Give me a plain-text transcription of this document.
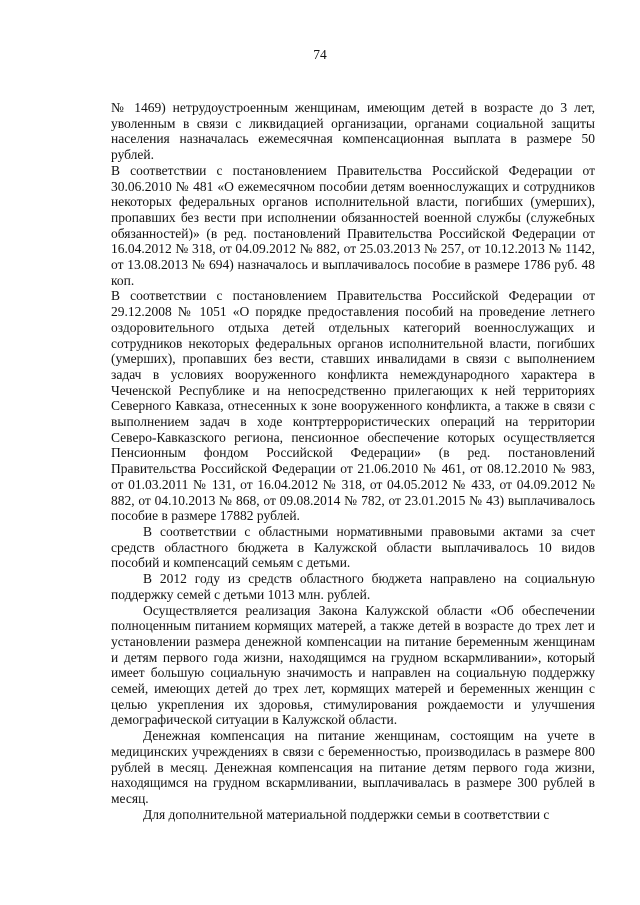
74

№ 1469) нетрудоустроенным женщинам, имеющим детей в возрасте до 3 лет, уволенным в связи с ликвидацией организации, органами социальной защиты населения назначалась ежемесячная компенсационная выплата в размере 50 рублей.

В соответствии с постановлением Правительства Российской Федерации от 30.06.2010 № 481 «О ежемесячном пособии детям военнослужащих и сотрудников некоторых федеральных органов исполнительной власти, погибших (умерших), пропавших без вести при исполнении обязанностей военной службы (служебных обязанностей)» (в ред. постановлений Правительства Российской Федерации от 16.04.2012 № 318, от 04.09.2012 № 882, от 25.03.2013 № 257, от 10.12.2013 № 1142, от 13.08.2013 № 694) назначалось и выплачивалось пособие в размере 1786 руб. 48 коп.

В соответствии с постановлением Правительства Российской Федерации от 29.12.2008 № 1051 «О порядке предоставления пособий на проведение летнего оздоровительного отдыха детей отдельных категорий военнослужащих и сотрудников некоторых федеральных органов исполнительной власти, погибших (умерших), пропавших без вести, ставших инвалидами в связи с выполнением задач в условиях вооруженного конфликта немеждународного характера в Чеченской Республике и на непосредственно прилегающих к ней территориях Северного Кавказа, отнесенных к зоне вооруженного конфликта, а также в связи с выполнением задач в ходе контртеррористических операций на территории Северо-Кавказского региона, пенсионное обеспечение которых осуществляется Пенсионным фондом Российской Федерации» (в ред. постановлений Правительства Российской Федерации от 21.06.2010 № 461, от 08.12.2010 № 983, от 01.03.2011 № 131, от 16.04.2012 № 318, от 04.05.2012 № 433, от 04.09.2012 № 882, от 04.10.2013 № 868, от 09.08.2014 № 782, от 23.01.2015 № 43) выплачивалось пособие в размере 17882 рублей.

В соответствии с областными нормативными правовыми актами за счет средств областного бюджета в Калужской области выплачивалось 10 видов пособий и компенсаций семьям с детьми.

В 2012 году из средств областного бюджета направлено на социальную поддержку семей с детьми 1013 млн. рублей.

Осуществляется реализация Закона Калужской области «Об обеспечении полноценным питанием кормящих матерей, а также детей в возрасте до трех лет и установлении размера денежной компенсации на питание беременным женщинам и детям первого года жизни, находящимся на грудном вскармливании», который имеет большую социальную значимость и направлен на социальную поддержку семей, имеющих детей до трех лет, кормящих матерей и беременных женщин с целью укрепления их здоровья, стимулирования рождаемости и улучшения демографической ситуации в Калужской области.

Денежная компенсация на питание женщинам, состоящим на учете в медицинских учреждениях в связи с беременностью, производилась в размере 800 рублей в месяц. Денежная компенсация на питание детям первого года жизни, находящимся на грудном вскармливании, выплачивалась в размере 300 рублей в месяц.

Для дополнительной материальной поддержки семьи в соответствии с
